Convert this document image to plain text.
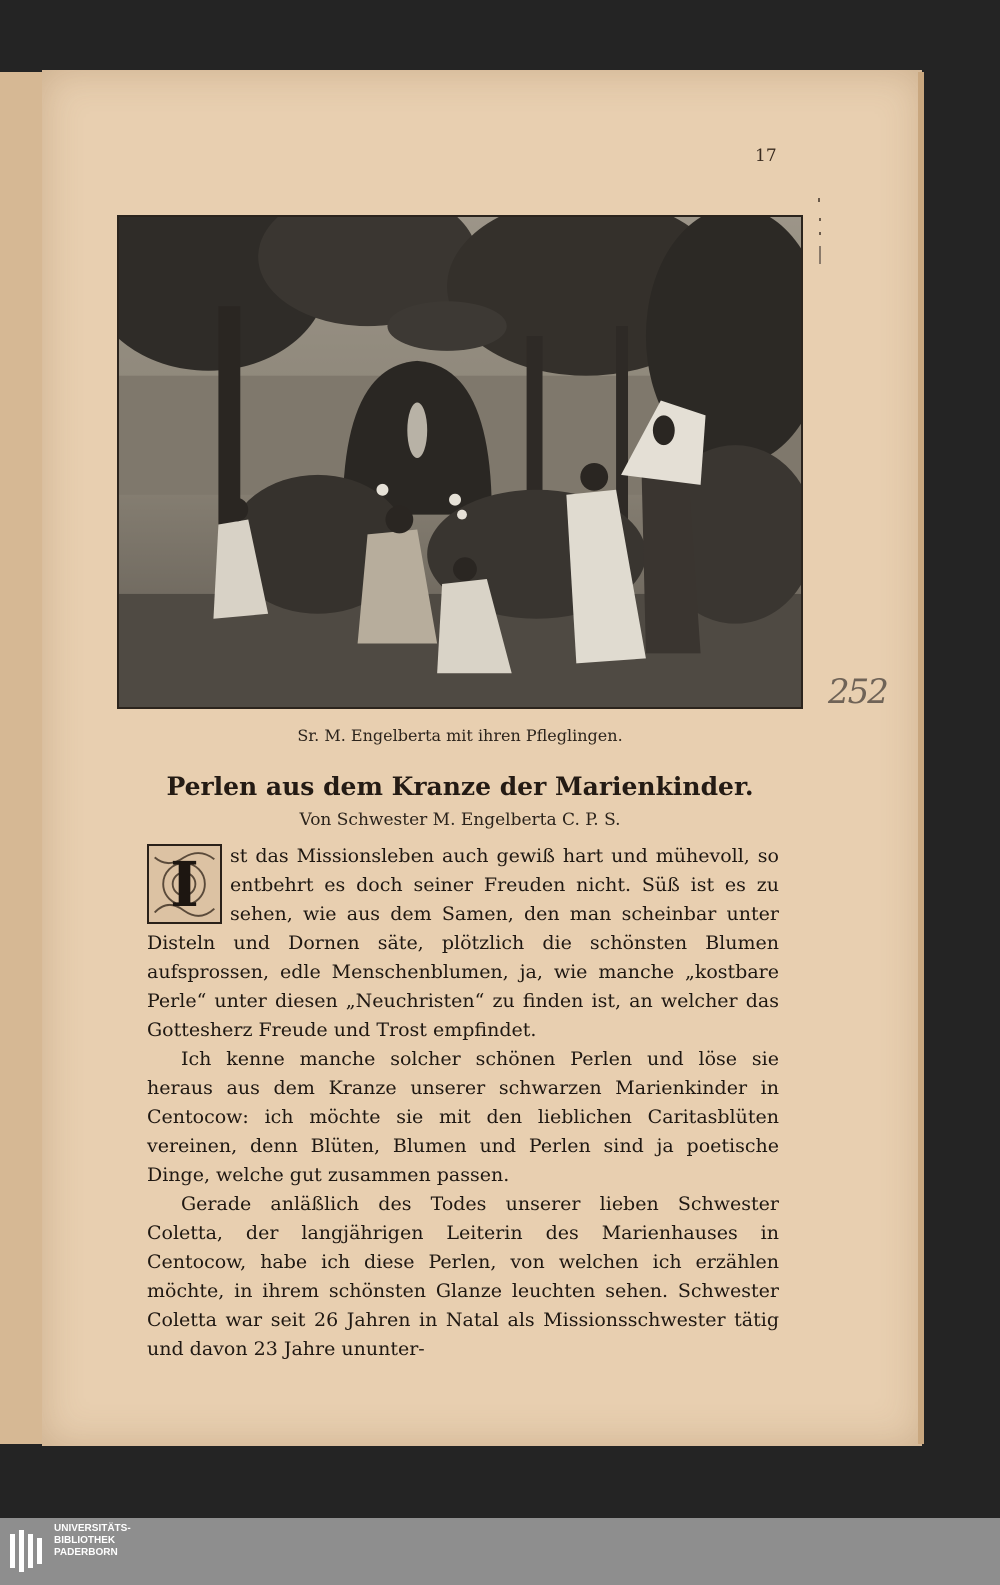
17
Sr. M. Engelberta mit ihren Pfleglingen.
252
Perlen aus dem Kranze der Marienkinder.
Von Schwester M. Engelberta C. P. S.
I	st das Missionsleben auch gewiß hart und mühevoll, so entbehrt es doch seiner Freuden nicht. Süß ist es zu sehen, wie aus dem Samen, den man scheinbar unter Disteln und Dornen säte, plötzlich die schönsten Blumen aufsprossen, edle Menschenblumen, ja, wie manche „kostbare Perle“ unter diesen „Neuchristen“ zu finden ist, an welcher das Gottesherz Freude und Trost empfindet.

Ich kenne manche solcher schönen Perlen und löse sie heraus aus dem Kranze unserer schwarzen Marienkinder in Centocow: ich möchte sie mit den lieblichen Caritasblüten vereinen, denn Blüten, Blumen und Perlen sind ja poetische Dinge, welche gut zusammen passen.

Gerade anläßlich des Todes unserer lieben Schwester Coletta, der langjährigen Leiterin des Marienhauses in Centocow, habe ich diese Perlen, von welchen ich erzählen möchte, in ihrem schönsten Glanze leuchten sehen. Schwester Coletta war seit 26 Jahren in Natal als Missionsschwester tätig und davon 23 Jahre ununter-

UNIVERSITÄTS-
BIBLIOTHEK
PADERBORN
